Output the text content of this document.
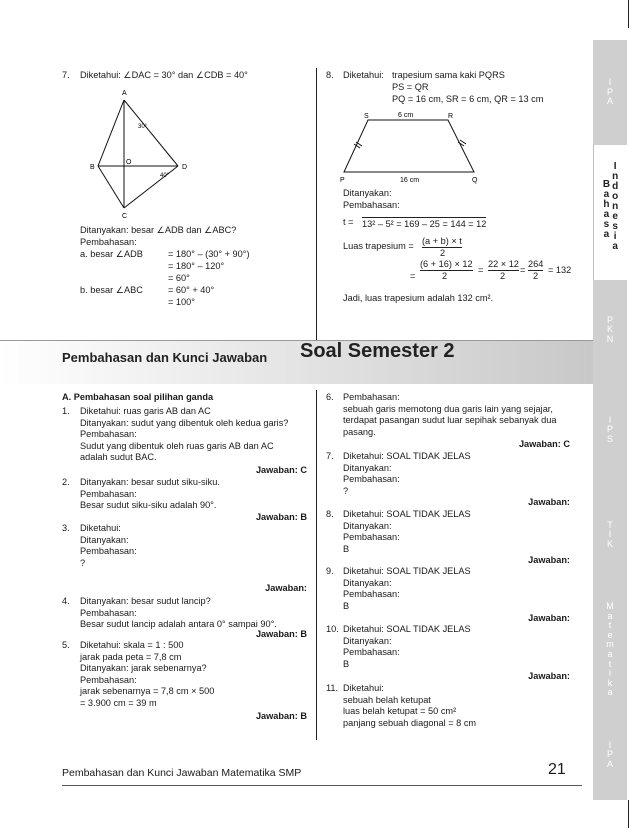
I
P
A
B
a
h
a
s
a
I
n
d
o
n
e
s
i
a
P
K
N
I
P
S
T
I
K
M
a
t
e
m
a
t
i
k
a
I
P
A
7. Diketahui: ∠DAC = 30° dan ∠CDB = 40°
A
B
C
D
O
30°
40°
Ditanyakan: besar ∠ADB dan ∠ABC?
Pembahasan:
a. besar ∠ADB	= 180° – (30° + 90°)
= 180° – 120°
= 60°
b. besar ∠ABC	= 60° + 40°
= 100°
8. Diketahui: trapesium sama kaki PQRS
PS = QR
PQ = 16 cm, SR = 6 cm, QR = 13 cm
S	R
P	Q
6 cm
16 cm
Ditanyakan:
Pembahasan:
t = 13² – 5² = 169 – 25 = 144 = 12
Luas trapesium = (a + b) × t
2
=
(6 + 16) × 12
2
=
22 × 12
2
=
264
2
= 132
Jadi, luas trapesium adalah 132 cm².
Pembahasan dan Kunci Jawaban Soal Semester 2
A. Pembahasan soal pilihan ganda
1. Diketahui: ruas garis AB dan AC
Ditanyakan: sudut yang dibentuk oleh kedua garis?
Pembahasan:
Sudut yang dibentuk oleh ruas garis AB dan AC
adalah sudut BAC.
Jawaban: C
2. Ditanyakan: besar sudut siku-siku.
Pembahasan:
Besar sudut siku-siku adalah 90°.
Jawaban: B
3. Diketahui:
Ditanyakan:
Pembahasan:
?
Jawaban:
4. Ditanyakan: besar sudut lancip?
Pembahasan:
Besar sudut lancip adalah antara 0° sampai 90°.
Jawaban: B
5. Diketahui: skala = 1 : 500
jarak pada peta = 7,8 cm
Ditanyakan: jarak sebenarnya?
Pembahasan:
jarak sebenarnya = 7,8 cm × 500
= 3.900 cm = 39 m
Jawaban: B
6. Pembahasan:
sebuah garis memotong dua garis lain yang sejajar,
terdapat pasangan sudut luar sepihak sebanyak dua
pasang.
Jawaban: C
7. Diketahui: SOAL TIDAK JELAS
Ditanyakan:
Pembahasan:
?
Jawaban:
8. Diketahui: SOAL TIDAK JELAS
Ditanyakan:
Pembahasan:
B
Jawaban:
9. Diketahui: SOAL TIDAK JELAS
Ditanyakan:
Pembahasan:
B
Jawaban:
10. Diketahui: SOAL TIDAK JELAS
Ditanyakan:
Pembahasan:
B
Jawaban:
11. Diketahui:
sebuah belah ketupat
luas belah ketupat = 50 cm²
panjang sebuah diagonal = 8 cm
Pembahasan dan Kunci Jawaban Matematika SMP	21
